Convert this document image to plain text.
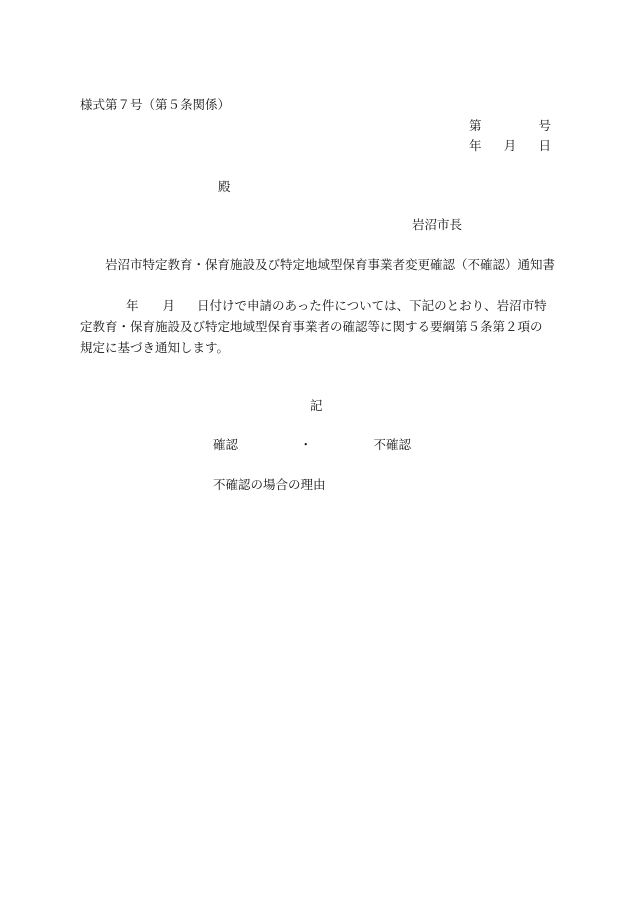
様式第７号（第５条関係）
第	号
年 月 日
殿
岩沼市長
岩沼市特定教育・保育施設及び特定地域型保育事業者変更確認（不確認）通知書
年 月 日付けで申請のあった件については、下記のとおり、岩沼市特定教育・保育施設及び特定地域型保育事業者の確認等に関する要綱第５条第２項の規定に基づき通知します。
記
確認	・	不確認
不確認の場合の理由
